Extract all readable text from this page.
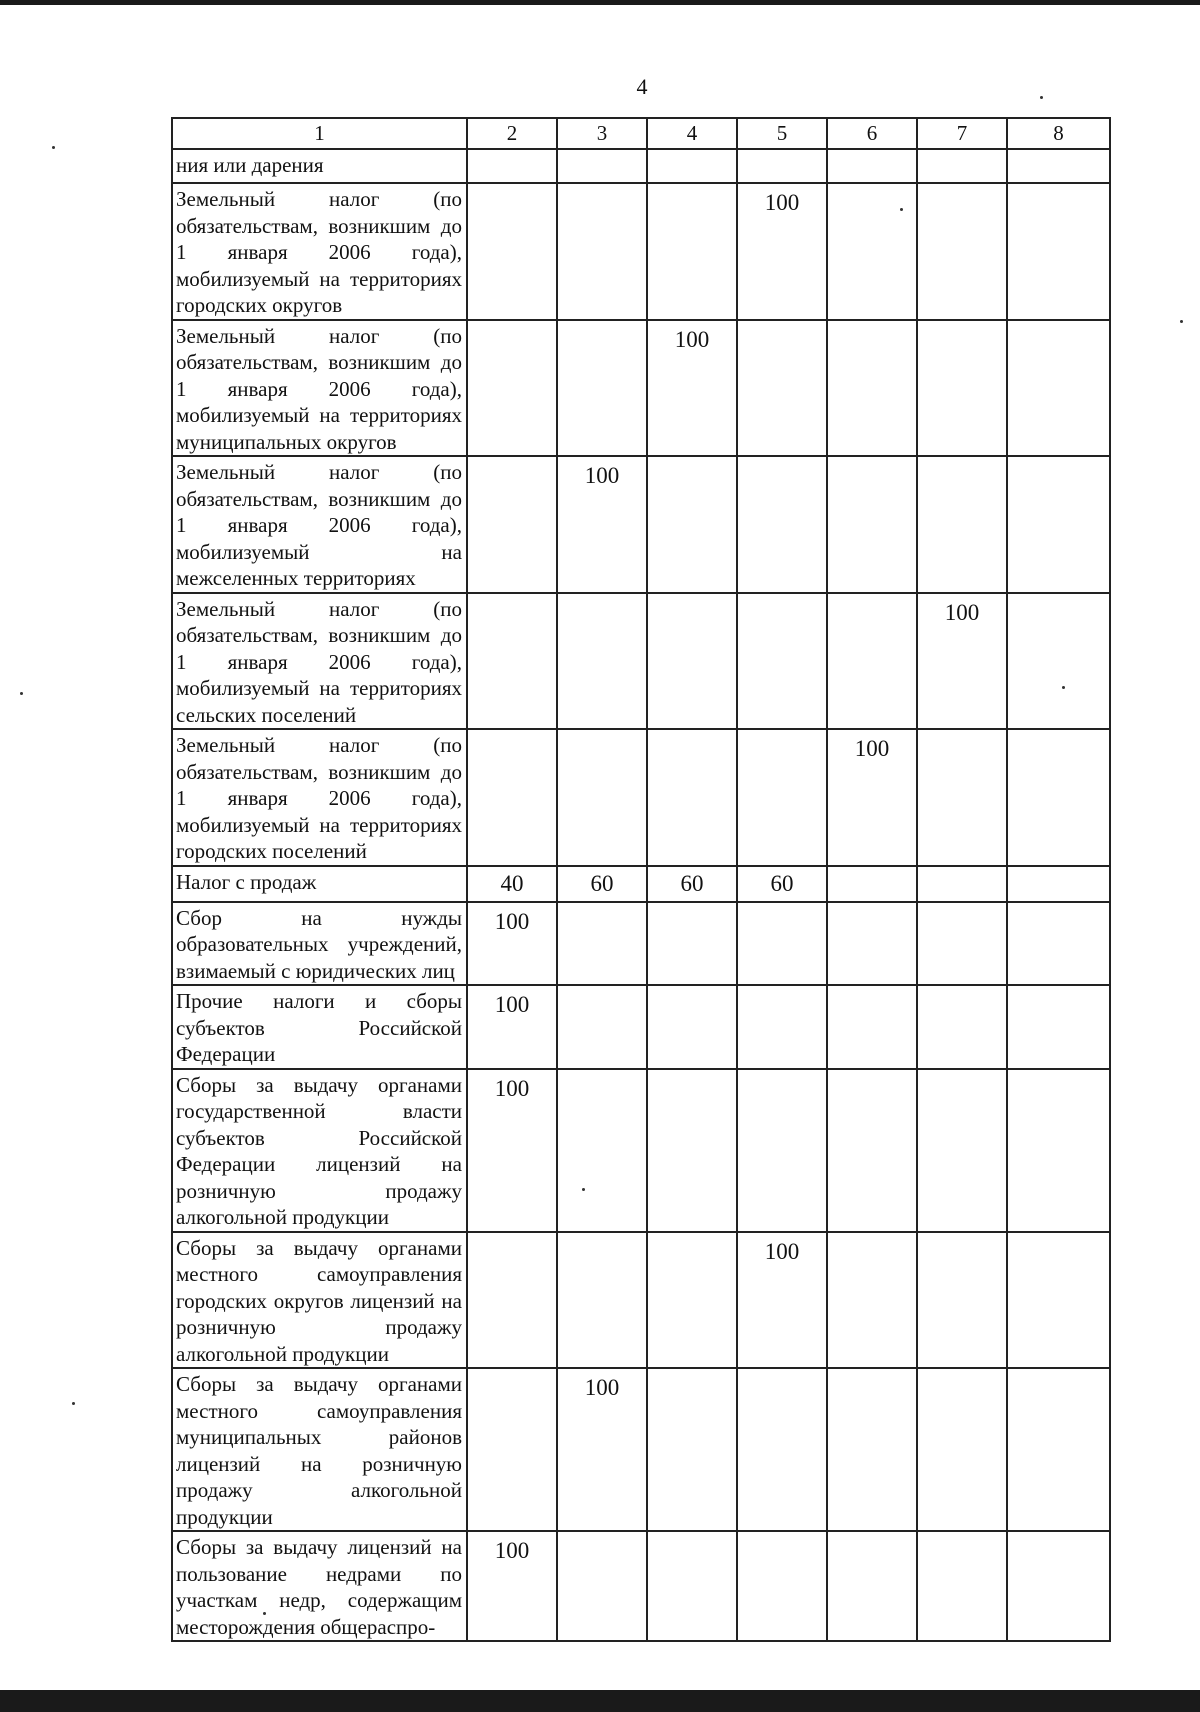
4
1	2	3	4	5	6	7	8
ния или дарения							
Земельный налог (по обязательствам, возникшим до 1 января 2006 года), мобилизуемый на территориях городских округов				100			
Земельный налог (по обязательствам, возникшим до 1 января 2006 года), мобилизуемый на территориях муниципальных округов			100				
Земельный налог (по обязательствам, возникшим до 1 января 2006 года), мобилизуемый на межселенных территориях		100					
Земельный налог (по обязательствам, возникшим до 1 января 2006 года), мобилизуемый на территориях сельских поселений						100	
Земельный налог (по обязательствам, возникшим до 1 января 2006 года), мобилизуемый на территориях городских поселений					100		
Налог с продаж	40	60	60	60			
Сбор на нужды образовательных учреждений, взимаемый с юридических лиц	100						
Прочие налоги и сборы субъектов Российской Федерации	100						
Сборы за выдачу органами государственной власти субъектов Российской Федерации лицензий на розничную продажу алкогольной продукции	100						
Сборы за выдачу органами местного самоуправления городских округов лицензий на розничную продажу алкогольной продукции				100			
Сборы за выдачу органами местного самоуправления муниципальных районов лицензий на розничную продажу алкогольной продукции		100					
Сборы за выдачу лицензий на пользование недрами по участкам недр, содержащим месторождения общераспро-	100						
